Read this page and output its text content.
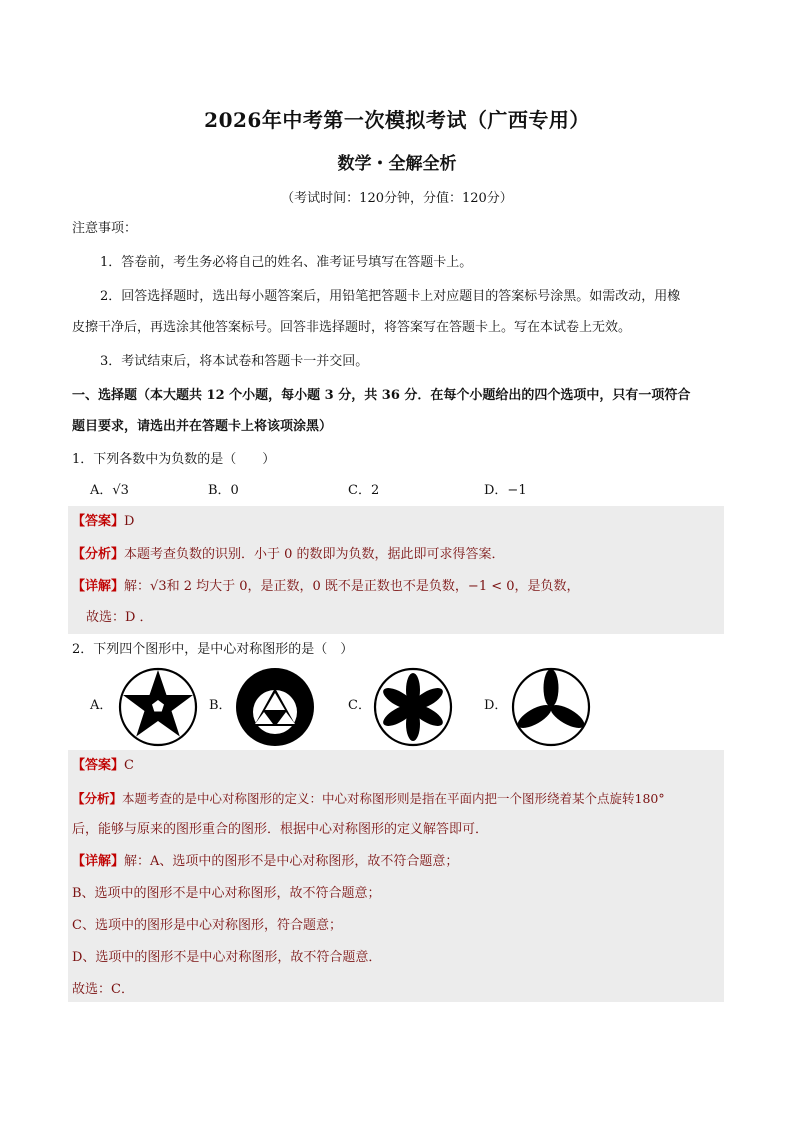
2026年中考第一次模拟考试（广西专用）
数学・全解全析
（考试时间：120分钟，分值：120分）
注意事项：
1．答卷前，考生务必将自己的姓名、准考证号填写在答题卡上。
2．回答选择题时，选出每小题答案后，用铅笔把答题卡上对应题目的答案标号涂黑。如需改动，用橡
皮擦干净后，再选涂其他答案标号。回答非选择题时，将答案写在答题卡上。写在本试卷上无效。
3．考试结束后，将本试卷和答题卡一并交回。
一、选择题（本大题共 12 个小题，每小题 3 分，共 36 分．在每个小题给出的四个选项中，只有一项符合
题目要求，请选出并在答题卡上将该项涂黑）
1．下列各数中为负数的是（　　）
A．√3	B．0	C．2	D．−1
【答案】D
【分析】本题考查负数的识别．小于 0 的数即为负数，据此即可求得答案．
【详解】解：√3和 2 均大于 0，是正数，0 既不是正数也不是负数，−1 < 0，是负数，
故选：D ．
2．下列四个图形中，是中心对称图形的是（　）
A．	B．	C．	D．
【答案】C
【分析】本题考查的是中心对称图形的定义：中心对称图形则是指在平面内把一个图形绕着某个点旋转180°
后，能够与原来的图形重合的图形．根据中心对称图形的定义解答即可．
【详解】解：A、选项中的图形不是中心对称图形，故不符合题意；
B、选项中的图形不是中心对称图形，故不符合题意；
C、选项中的图形是中心对称图形，符合题意；
D、选项中的图形不是中心对称图形，故不符合题意．
故选：C．
